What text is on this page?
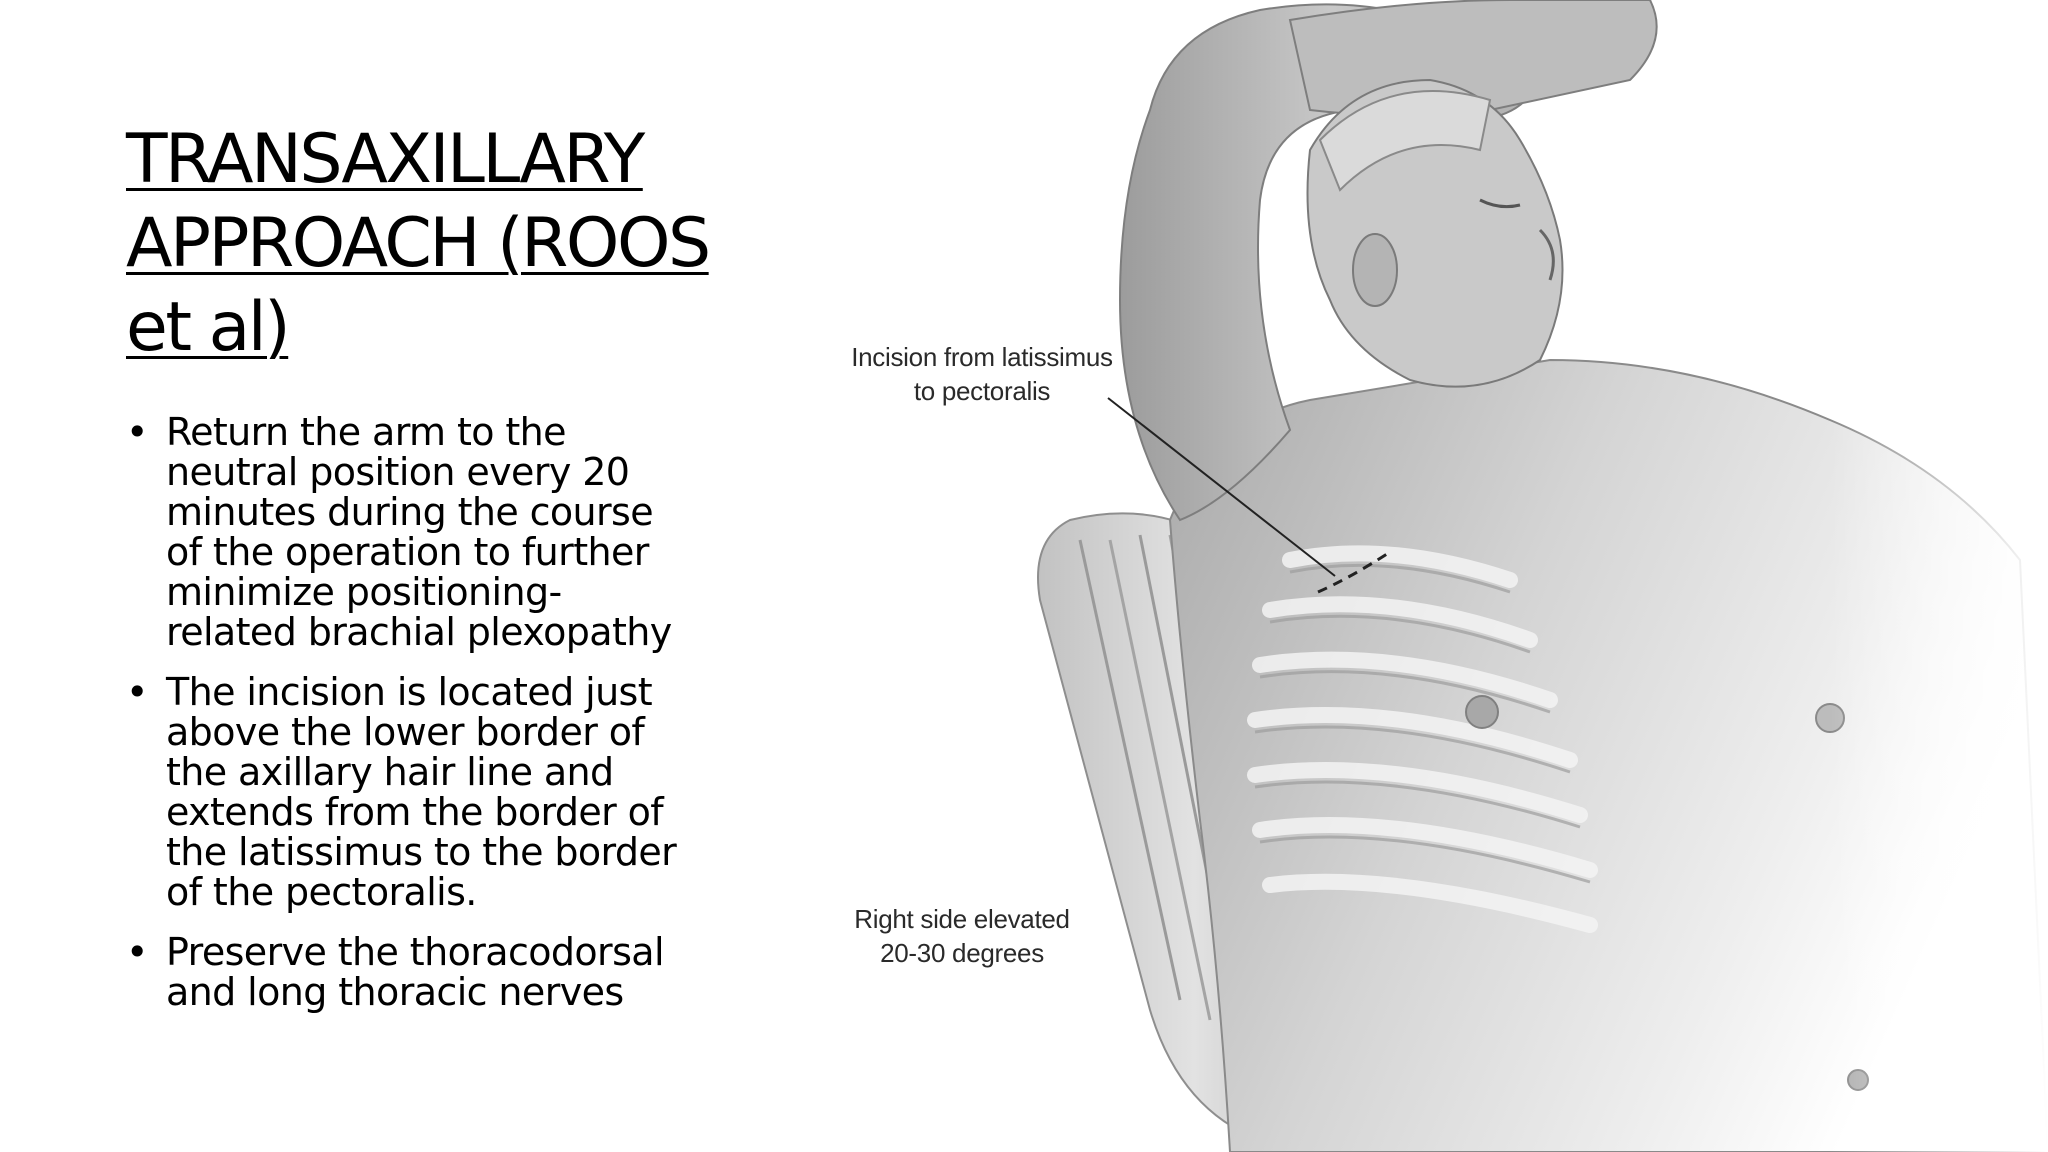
TRANSAXILLARY
APPROACH (ROOS
et al)
• Return the arm to the
neutral position every 20
minutes during the course
of the operation to further
minimize positioning-
related brachial plexopathy
• The incision is located just
above the lower border of
the axillary hair line and
extends from the border of
the latissimus to the border
of the pectoralis.
• Preserve the thoracodorsal
and long thoracic nerves
Incision from latissimus
to pectoralis
Right side elevated
20-30 degrees
